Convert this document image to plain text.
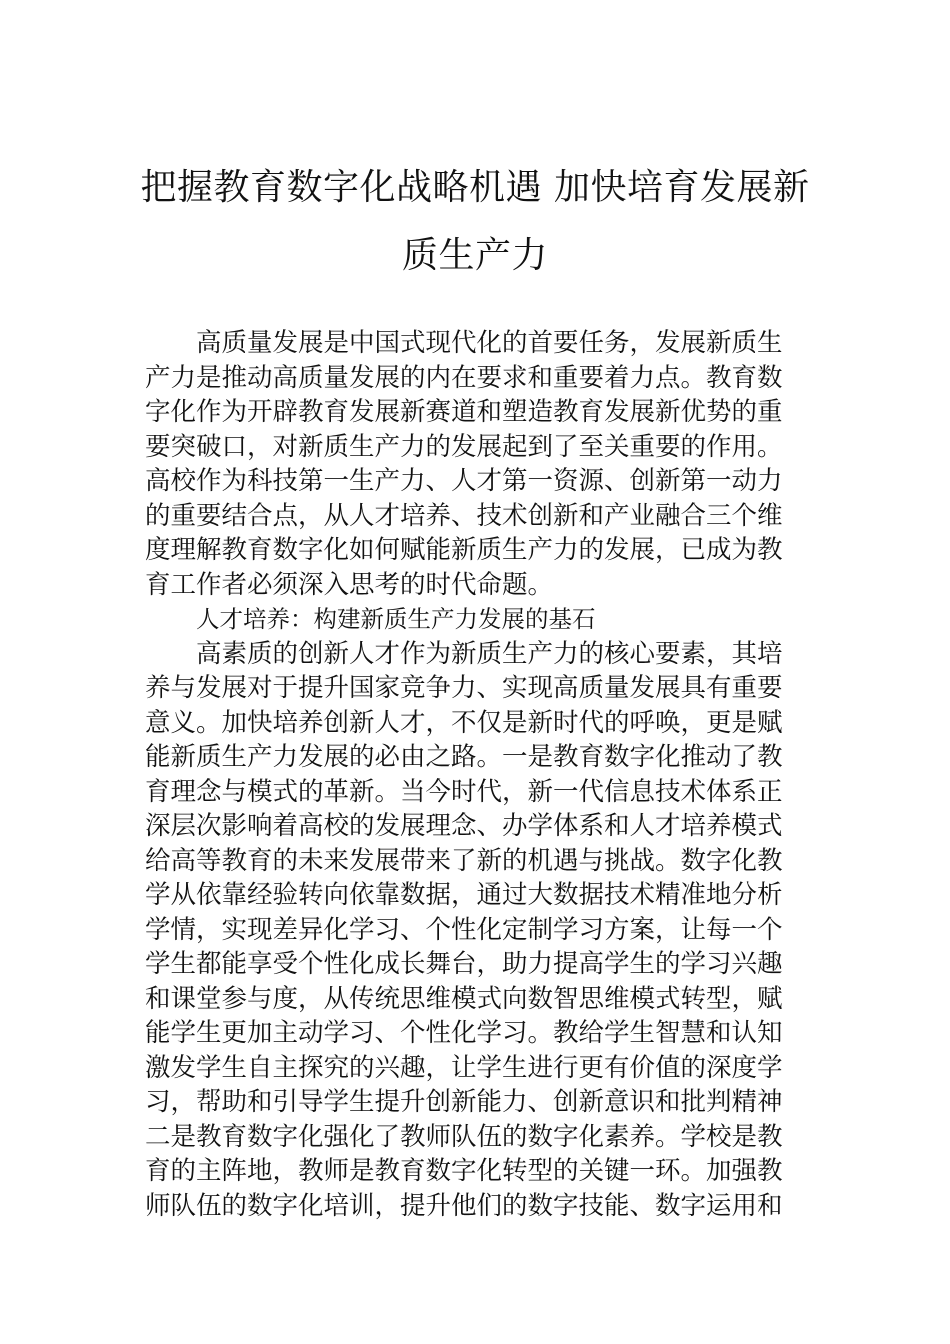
把握教育数字化战略机遇 加快培育发展新
质生产力
高质量发展是中国式现代化的首要任务，发展新质生
产力是推动高质量发展的内在要求和重要着力点。教育数
字化作为开辟教育发展新赛道和塑造教育发展新优势的重
要突破口，对新质生产力的发展起到了至关重要的作用。
高校作为科技第一生产力、人才第一资源、创新第一动力
的重要结合点，从人才培养、技术创新和产业融合三个维
度理解教育数字化如何赋能新质生产力的发展，已成为教
育工作者必须深入思考的时代命题。
人才培养：构建新质生产力发展的基石
高素质的创新人才作为新质生产力的核心要素，其培
养与发展对于提升国家竞争力、实现高质量发展具有重要
意义。加快培养创新人才，不仅是新时代的呼唤，更是赋
能新质生产力发展的必由之路。一是教育数字化推动了教
育理念与模式的革新。当今时代，新一代信息技术体系正
深层次影响着高校的发展理念、办学体系和人才培养模式
给高等教育的未来发展带来了新的机遇与挑战。数字化教
学从依靠经验转向依靠数据，通过大数据技术精准地分析
学情，实现差异化学习、个性化定制学习方案，让每一个
学生都能享受个性化成长舞台，助力提高学生的学习兴趣
和课堂参与度，从传统思维模式向数智思维模式转型，赋
能学生更加主动学习、个性化学习。教给学生智慧和认知
激发学生自主探究的兴趣，让学生进行更有价值的深度学
习，帮助和引导学生提升创新能力、创新意识和批判精神
二是教育数字化强化了教师队伍的数字化素养。学校是教
育的主阵地，教师是教育数字化转型的关键一环。加强教
师队伍的数字化培训，提升他们的数字技能、数字运用和
